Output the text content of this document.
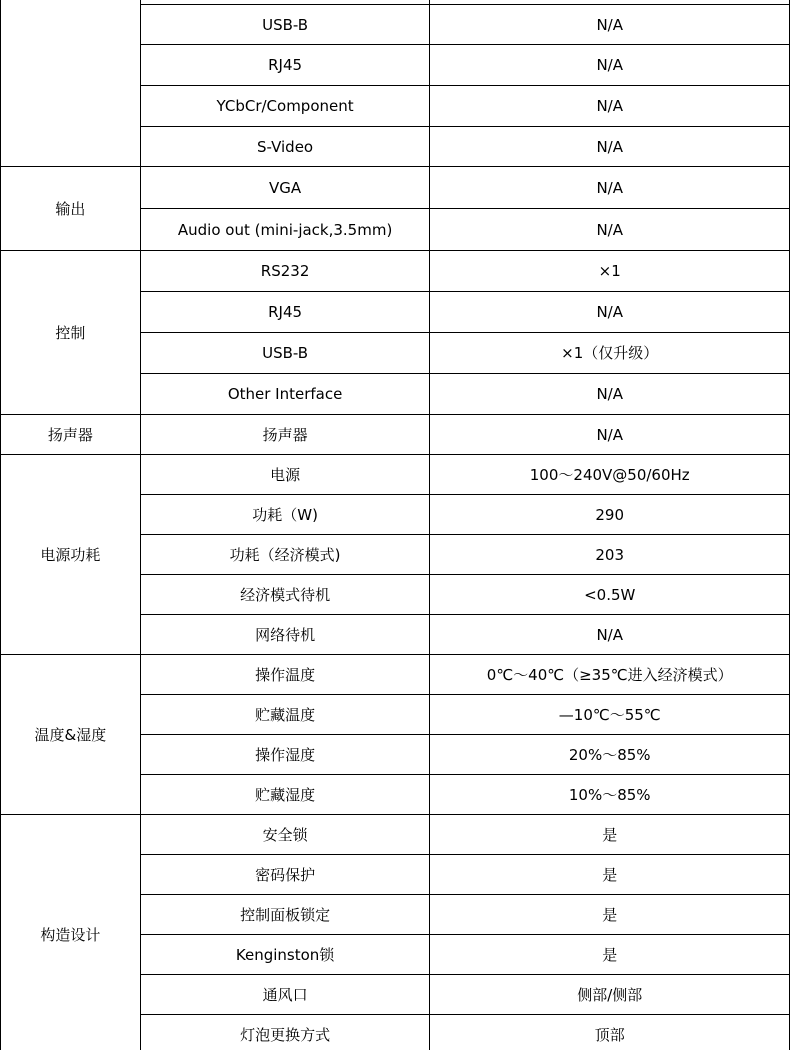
	USB-B	N/A
	RJ45	N/A
	YCbCr/Component	N/A
	S-Video	N/A
输出	VGA	N/A
	Audio out (mini-jack,3.5mm)	N/A
控制	RS232	×1
	RJ45	N/A
	USB-B	×1（仅升级）
	Other Interface	N/A
扬声器	扬声器	N/A
电源功耗	电源	100～240V@50/60Hz
	功耗（W)	290
	功耗（经济模式)	203
	经济模式待机	<0.5W
	网络待机	N/A
温度&湿度	操作温度	0℃～40℃（≥35℃进入经济模式）
	贮藏温度	—10℃～55℃
	操作湿度	20%～85%
	贮藏湿度	10%～85%
构造设计	安全锁	是
	密码保护	是
	控制面板锁定	是
	Kenginston锁	是
	通风口	侧部/侧部
	灯泡更换方式	顶部
